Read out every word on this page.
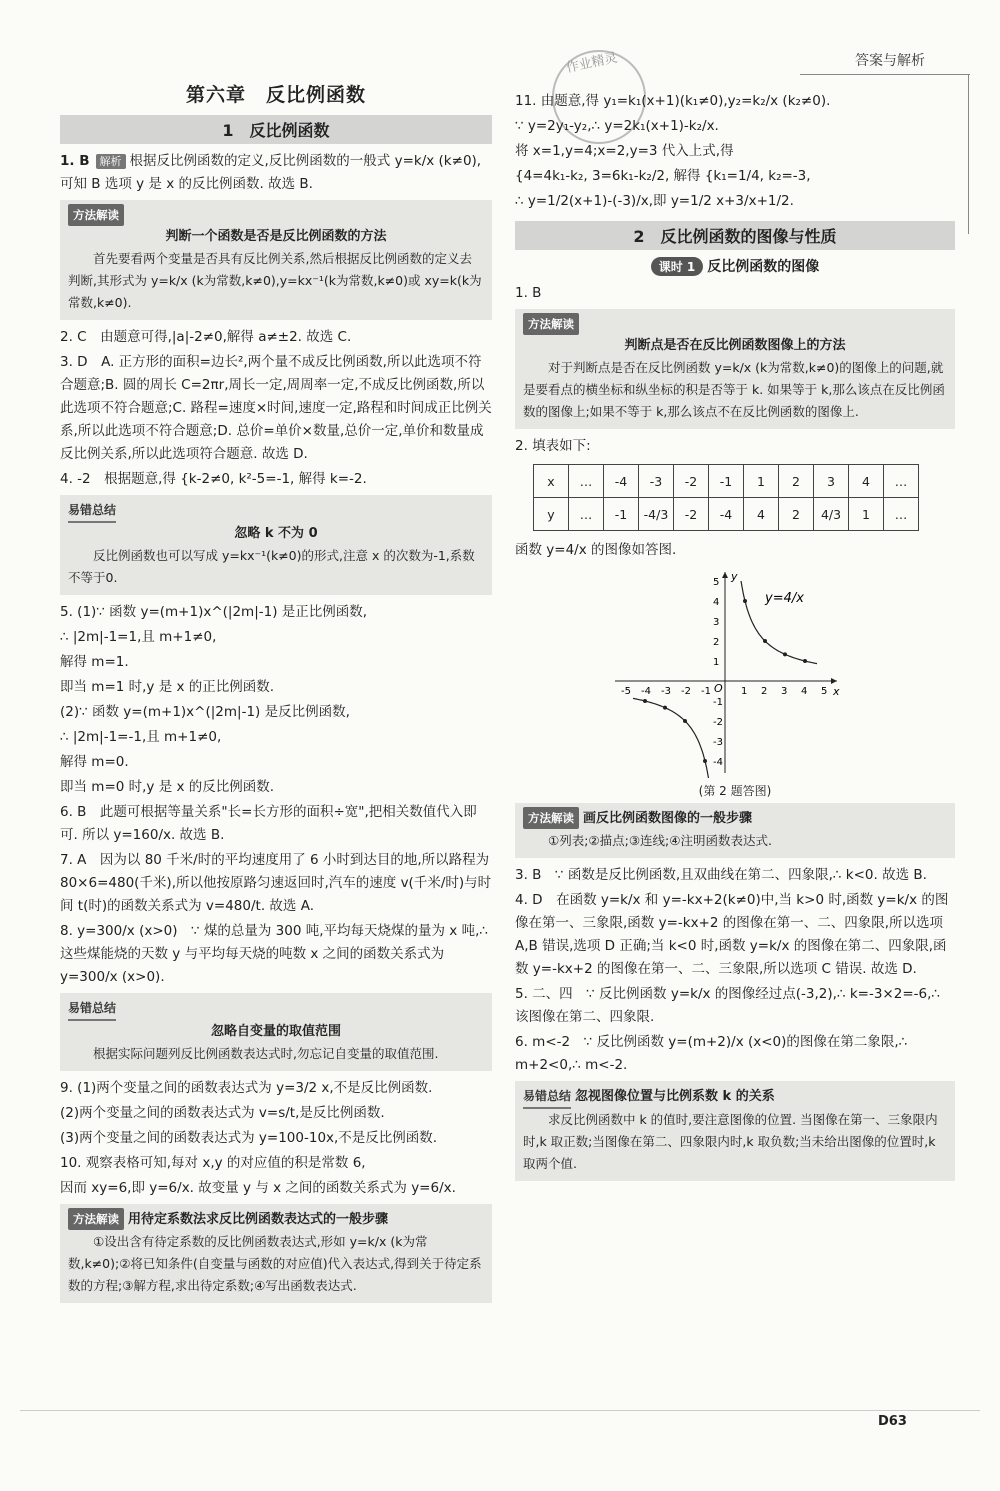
作业精灵	答案与解析
第六章　反比例函数
1　反比例函数
1. B 解析 根据反比例函数的定义,反比例函数的一般式 y=k/x (k≠0),可知 B 选项 y 是 x 的反比例函数. 故选 B.
方法解读
判断一个函数是否是反比例函数的方法
首先要看两个变量是否具有反比例关系,然后根据反比例函数的定义去判断,其形式为 y=k/x (k为常数,k≠0),y=kx⁻¹(k为常数,k≠0)或 xy=k(k为常数,k≠0).
2. C　由题意可得,|a|-2≠0,解得 a≠±2. 故选 C.
3. D　A. 正方形的面积=边长²,两个量不成反比例函数,所以此选项不符合题意;B. 圆的周长 C=2πr,周长一定,周周率一定,不成反比例函数,所以此选项不符合题意;C. 路程=速度×时间,速度一定,路程和时间成正比例关系,所以此选项不符合题意;D. 总价=单价×数量,总价一定,单价和数量成反比例关系,所以此选项符合题意. 故选 D.
4. -2　根据题意,得 {k-2≠0, k²-5=-1, 解得 k=-2.
易错总结
忽略 k 不为 0
反比例函数也可以写成 y=kx⁻¹(k≠0)的形式,注意 x 的次数为-1,系数不等于0.
5. (1)∵ 函数 y=(m+1)x^(|2m|-1) 是正比例函数,
∴ |2m|-1=1,且 m+1≠0,
解得 m=1.
即当 m=1 时,y 是 x 的正比例函数.
(2)∵ 函数 y=(m+1)x^(|2m|-1) 是反比例函数,
∴ |2m|-1=-1,且 m+1≠0,
解得 m=0.
即当 m=0 时,y 是 x 的反比例函数.
6. B　此题可根据等量关系"长=长方形的面积÷宽",把相关数值代入即可. 所以 y=160/x. 故选 B.
7. A　因为以 80 千米/时的平均速度用了 6 小时到达目的地,所以路程为 80×6=480(千米),所以他按原路匀速返回时,汽车的速度 v(千米/时)与时间 t(时)的函数关系式为 v=480/t. 故选 A.
8. y=300/x (x>0)　∵ 煤的总量为 300 吨,平均每天烧煤的量为 x 吨,∴ 这些煤能烧的天数 y 与平均每天烧的吨数 x 之间的函数关系式为 y=300/x (x>0).
易错总结
忽略自变量的取值范围
根据实际问题列反比例函数表达式时,勿忘记自变量的取值范围.
9. (1)两个变量之间的函数表达式为 y=3/2 x,不是反比例函数.
(2)两个变量之间的函数表达式为 v=s/t,是反比例函数.
(3)两个变量之间的函数表达式为 y=100-10x,不是反比例函数.
10. 观察表格可知,每对 x,y 的对应值的积是常数 6,
因而 xy=6,即 y=6/x. 故变量 y 与 x 之间的函数关系式为 y=6/x.
方法解读 用待定系数法求反比例函数表达式的一般步骤
①设出含有待定系数的反比例函数表达式,形如 y=k/x (k为常数,k≠0);②将已知条件(自变量与函数的对应值)代入表达式,得到关于待定系数的方程;③解方程,求出待定系数;④写出函数表达式.
11. 由题意,得 y₁=k₁(x+1)(k₁≠0),y₂=k₂/x (k₂≠0).
∵ y=2y₁-y₂,∴ y=2k₁(x+1)-k₂/x.
将 x=1,y=4;x=2,y=3 代入上式,得
{4=4k₁-k₂, 3=6k₁-k₂/2, 解得 {k₁=1/4, k₂=-3,
∴ y=1/2(x+1)-(-3)/x,即 y=1/2 x+3/x+1/2.
2　反比例函数的图像与性质
课时 1 反比例函数的图像
1. B
方法解读
判断点是否在反比例函数图像上的方法
对于判断点是否在反比例函数 y=k/x (k为常数,k≠0)的图像上的问题,就是要看点的横坐标和纵坐标的积是否等于 k. 如果等于 k,那么该点在反比例函数的图像上;如果不等于 k,那么该点不在反比例函数的图像上.
2. 填表如下:
x	…	-4	-3	-2	-1	1	2	3	4	…
y	…	-1	-4/3	-2	-4	4	2	4/3	1	…
函数 y=4/x 的图像如答图.
x
y
O
-5 -4
-4
-3
-3
-2
-2
-1
-1
1
1
2
2
3
3
4
4
5
5
y=4/x
(第 2 题答图)
方法解读 画反比例函数图像的一般步骤
①列表;②描点;③连线;④注明函数表达式.
3. B　∵ 函数是反比例函数,且双曲线在第二、四象限,∴ k<0. 故选 B.
4. D　在函数 y=k/x 和 y=-kx+2(k≠0)中,当 k>0 时,函数 y=k/x 的图像在第一、三象限,函数 y=-kx+2 的图像在第一、二、四象限,所以选项 A,B 错误,选项 D 正确;当 k<0 时,函数 y=k/x 的图像在第二、四象限,函数 y=-kx+2 的图像在第一、二、三象限,所以选项 C 错误. 故选 D.
5. 二、四　∵ 反比例函数 y=k/x 的图像经过点(-3,2),∴ k=-3×2=-6,∴ 该图像在第二、四象限.
6. m<-2　∵ 反比例函数 y=(m+2)/x (x<0)的图像在第二象限,∴ m+2<0,∴ m<-2.
易错总结 忽视图像位置与比例系数 k 的关系
求反比例函数中 k 的值时,要注意图像的位置. 当图像在第一、三象限内时,k 取正数;当图像在第二、四象限内时,k 取负数;当未给出图像的位置时,k 取两个值.
D63
